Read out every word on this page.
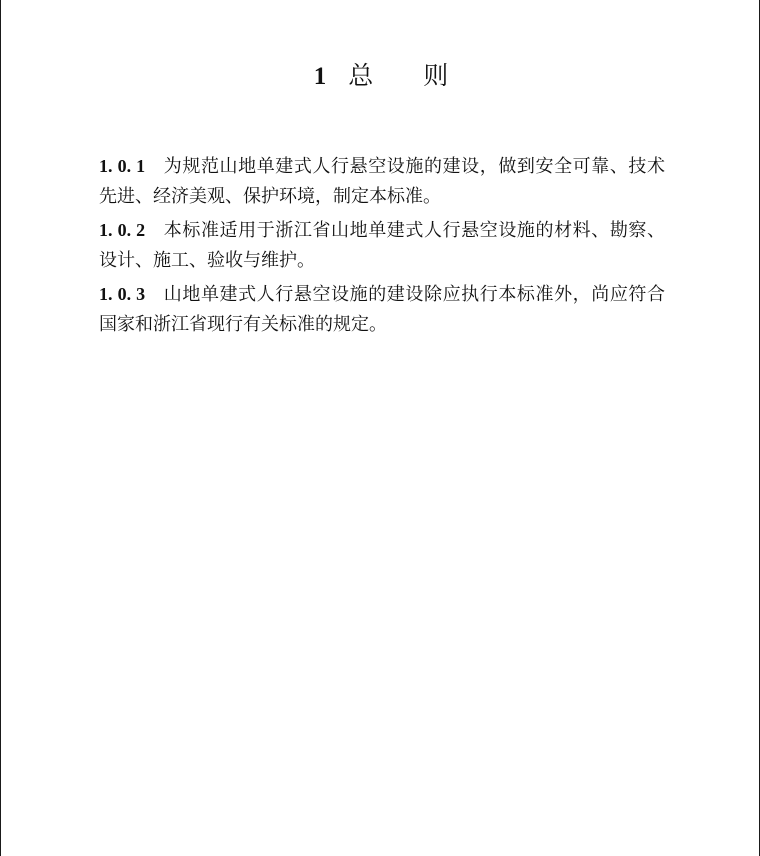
1 总则

1. 0. 1 为规范山地单建式人行悬空设施的建设，做到安全可靠、技术先进、经济美观、保护环境，制定本标准。

1. 0. 2 本标准适用于浙江省山地单建式人行悬空设施的材料、勘察、设计、施工、验收与维护。

1. 0. 3 山地单建式人行悬空设施的建设除应执行本标准外，尚应符合国家和浙江省现行有关标准的规定。
